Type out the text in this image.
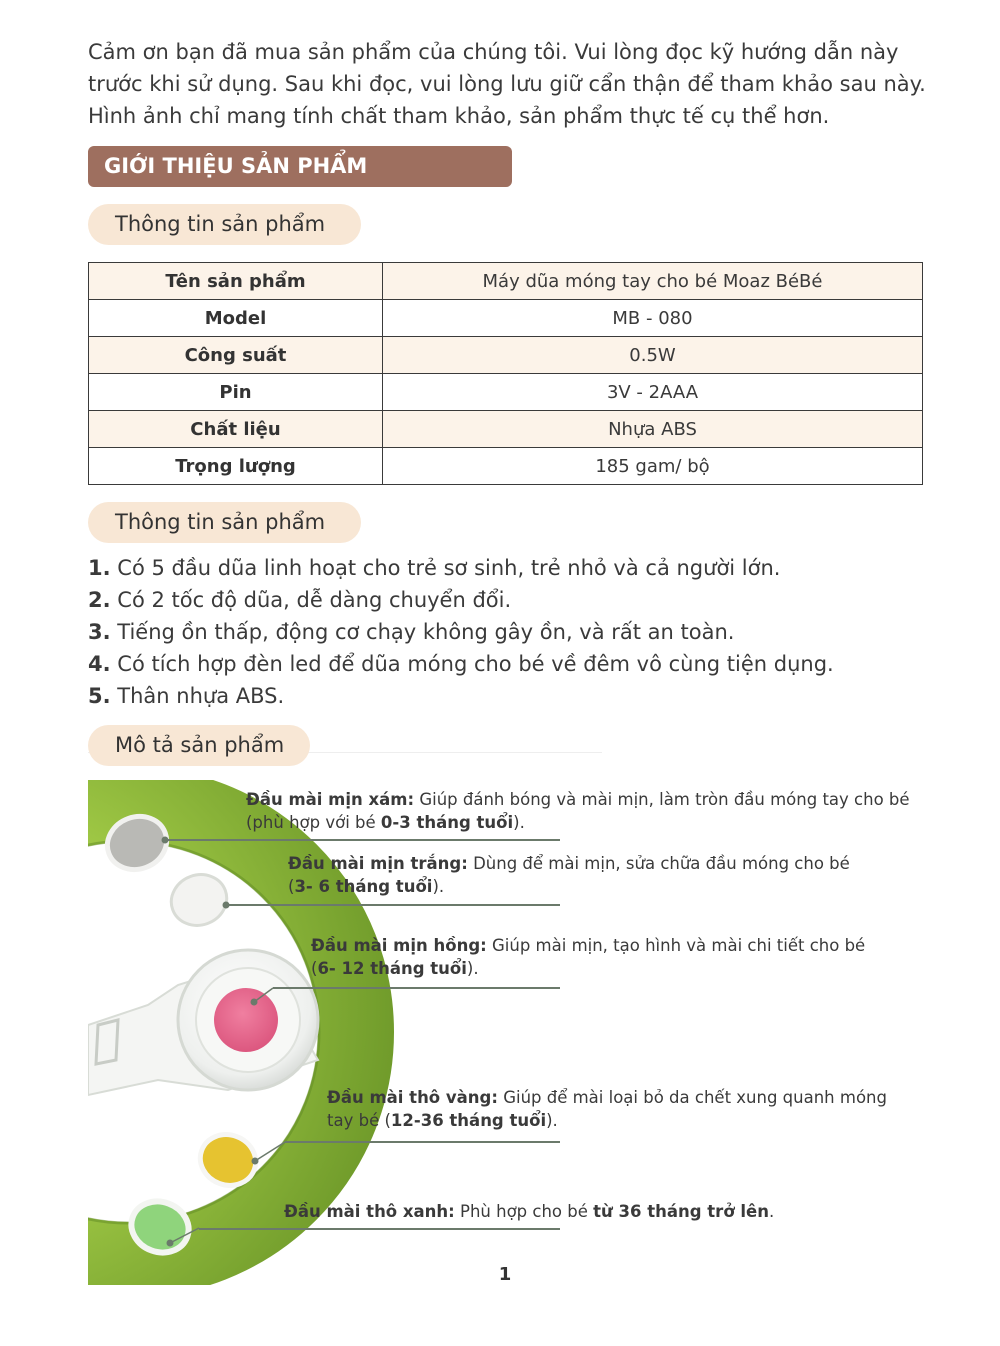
Cảm ơn bạn đã mua sản phẩm của chúng tôi. Vui lòng đọc kỹ hướng dẫn này

trước khi sử dụng. Sau khi đọc, vui lòng lưu giữ cẩn thận để tham khảo sau này.

Hình ảnh chỉ mang tính chất tham khảo, sản phẩm thực tế cụ thể hơn.

GIỚI THIỆU SẢN PHẨM
Thông tin sản phẩm
Tên sản phẩm	Máy dũa móng tay cho bé Moaz BéBé
Model	MB - 080
Công suất	0.5W
Pin	3V - 2AAA
Chất liệu	Nhựa ABS
Trọng lượng	185 gam/ bộ
Thông tin sản phẩm
1. Có 5 đầu dũa linh hoạt cho trẻ sơ sinh, trẻ nhỏ và cả người lớn.
2. Có 2 tốc độ dũa, dễ dàng chuyển đổi.
3. Tiếng ồn thấp, động cơ chạy không gây ồn, và rất an toàn.
4. Có tích hợp đèn led để dũa móng cho bé về đêm vô cùng tiện dụng.
5. Thân nhựa ABS.
Mô tả sản phẩm
Đầu mài mịn xám: Giúp đánh bóng và mài mịn, làm tròn đầu móng tay cho bé
(phù hợp với bé 0-3 tháng tuổi).
Đầu mài mịn trắng: Dùng để mài mịn, sửa chữa đầu móng cho bé
(3- 6 tháng tuổi).
Đầu mài mịn hồng: Giúp mài mịn, tạo hình và mài chi tiết cho bé
(6- 12 tháng tuổi).
Đầu mài thô vàng: Giúp để mài loại bỏ da chết xung quanh móng
tay bé (12-36 tháng tuổi).
Đầu mài thô xanh: Phù hợp cho bé từ 36 tháng trở lên.
1
